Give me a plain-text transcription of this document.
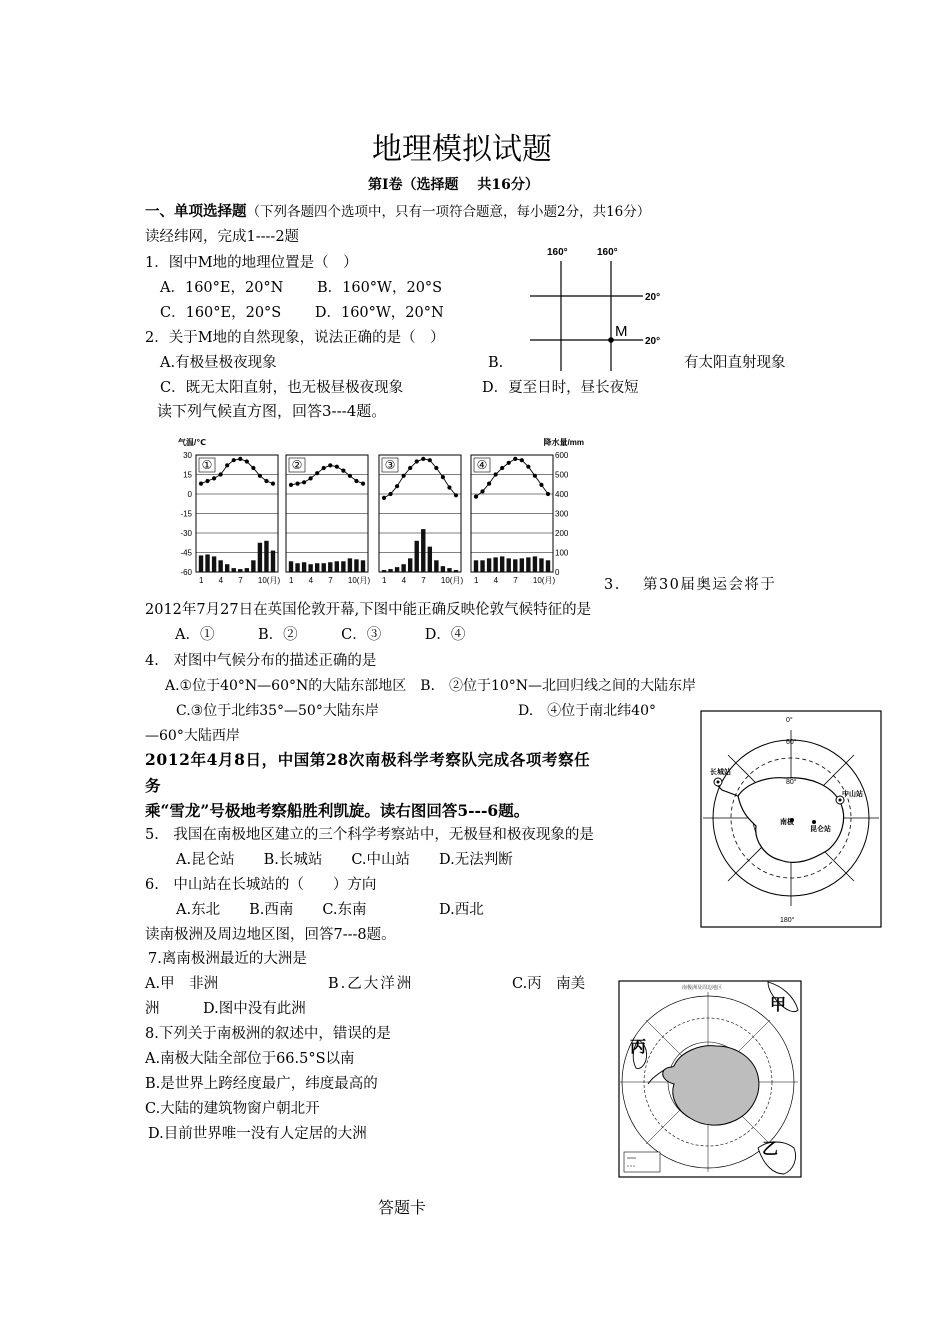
地理模拟试题
第Ⅰ卷（选择题　 共16分）
一、单项选择题（下列各题四个选项中，只有一项符合题意，每小题2分，共16分）
读经纬网，完成1----2题
1．图中M地的地理位置是（　）
A．160°E，20°N　　 B．160°W，20°S
C．160°E，20°S　　 D．160°W，20°N
2．关于M地的自然现象，说法正确的是（　）
A.有极昼极夜现象	B.	有太阳直射现象
C．既无太阳直射，也无极昼极夜现象	D．夏至日时，昼长夜短
160°	160°
20°
20°
M
读下列气候直方图，回答3---4题。
气温/℃	降水量/mm
30
15
0
-15
-30
-45
-60
600
500
400
300
200
100
0
①
1 4 7 10(月)
②
1 4 7 10(月)
③
1 4 7 10(月)
④
1 4 7 10(月)	3.　 第30届奥运会将于
2012年7月27日在英国伦敦开幕,下图中能正确反映伦敦气候特征的是
A．①　　　B．②　　　C．③　　　D．④
4.　对图中气候分布的描述正确的是
A.①位于40°N—60°N的大陆东部地区　B.　②位于10°N—北回归线之间的大陆东岸
C.③位于北纬35°—50°大陆东岸	D.　④位于南北纬40°
—60°大陆西岸
2012年4月8日，中国第28次南极科学考察队完成各项考察任
务
乘“雪龙”号极地考察船胜利凯旋。读右图回答5---6题。
5.　我国在南极地区建立的三个科学考察站中，无极昼和极夜现象的是
A.昆仑站　　B.长城站　　C.中山站　　D.无法判断
6.　中山站在长城站的（　　）方向
A.东北　　B.西南　　C.东南　　　　　D.西北
读南极洲及周边地区图，回答7---8题。
7.离南极洲最近的大洲是
A.甲　非洲	B.乙大洋洲	C.丙　南美
洲　　　D.图中没有此洲
8.下列关于南极洲的叙述中，错误的是
A.南极大陆全部位于66.5°S以南
B.是世界上跨经度最广，纬度最高的
C.大陆的建筑物窗户朝北开
D.目前世界唯一没有人定居的大洲
答题卡
0°
60°
80°
180°
长城站
中山站
南极
昆仑站
南极洲及周边地区
甲
乙
丙
